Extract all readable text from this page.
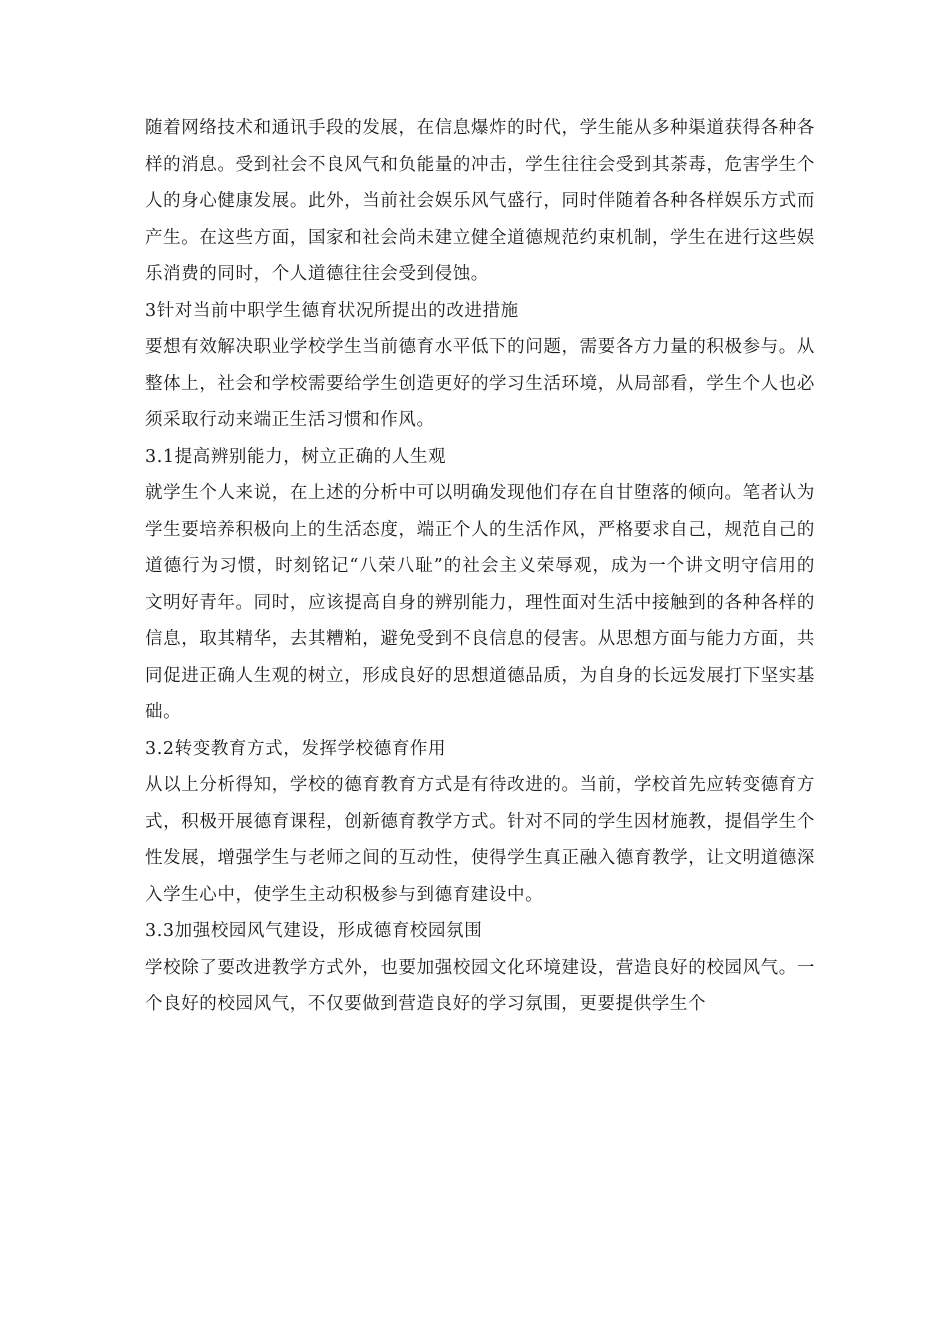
随着网络技术和通讯手段的发展，在信息爆炸的时代，学生能从多种渠道获得各种各样的消息。受到社会不良风气和负能量的冲击，学生往往会受到其荼毒，危害学生个人的身心健康发展。此外，当前社会娱乐风气盛行，同时伴随着各种各样娱乐方式而产生。在这些方面，国家和社会尚未建立健全道德规范约束机制，学生在进行这些娱乐消费的同时，个人道德往往会受到侵蚀。

3针对当前中职学生德育状况所提出的改进措施

要想有效解决职业学校学生当前德育水平低下的问题，需要各方力量的积极参与。从整体上，社会和学校需要给学生创造更好的学习生活环境，从局部看，学生个人也必须采取行动来端正生活习惯和作风。

3.1提高辨别能力，树立正确的人生观

就学生个人来说，在上述的分析中可以明确发现他们存在自甘堕落的倾向。笔者认为学生要培养积极向上的生活态度，端正个人的生活作风，严格要求自己，规范自己的道德行为习惯，时刻铭记“八荣八耻”的社会主义荣辱观，成为一个讲文明守信用的文明好青年。同时，应该提高自身的辨别能力，理性面对生活中接触到的各种各样的信息，取其精华，去其糟粕，避免受到不良信息的侵害。从思想方面与能力方面，共同促进正确人生观的树立，形成良好的思想道德品质，为自身的长远发展打下坚实基础。

3.2转变教育方式，发挥学校德育作用

从以上分析得知，学校的德育教育方式是有待改进的。当前，学校首先应转变德育方式，积极开展德育课程，创新德育教学方式。针对不同的学生因材施教，提倡学生个性发展，增强学生与老师之间的互动性，使得学生真正融入德育教学，让文明道德深入学生心中，使学生主动积极参与到德育建设中。

3.3加强校园风气建设，形成德育校园氛围

学校除了要改进教学方式外，也要加强校园文化环境建设，营造良好的校园风气。一个良好的校园风气，不仅要做到营造良好的学习氛围，更要提供学生个
